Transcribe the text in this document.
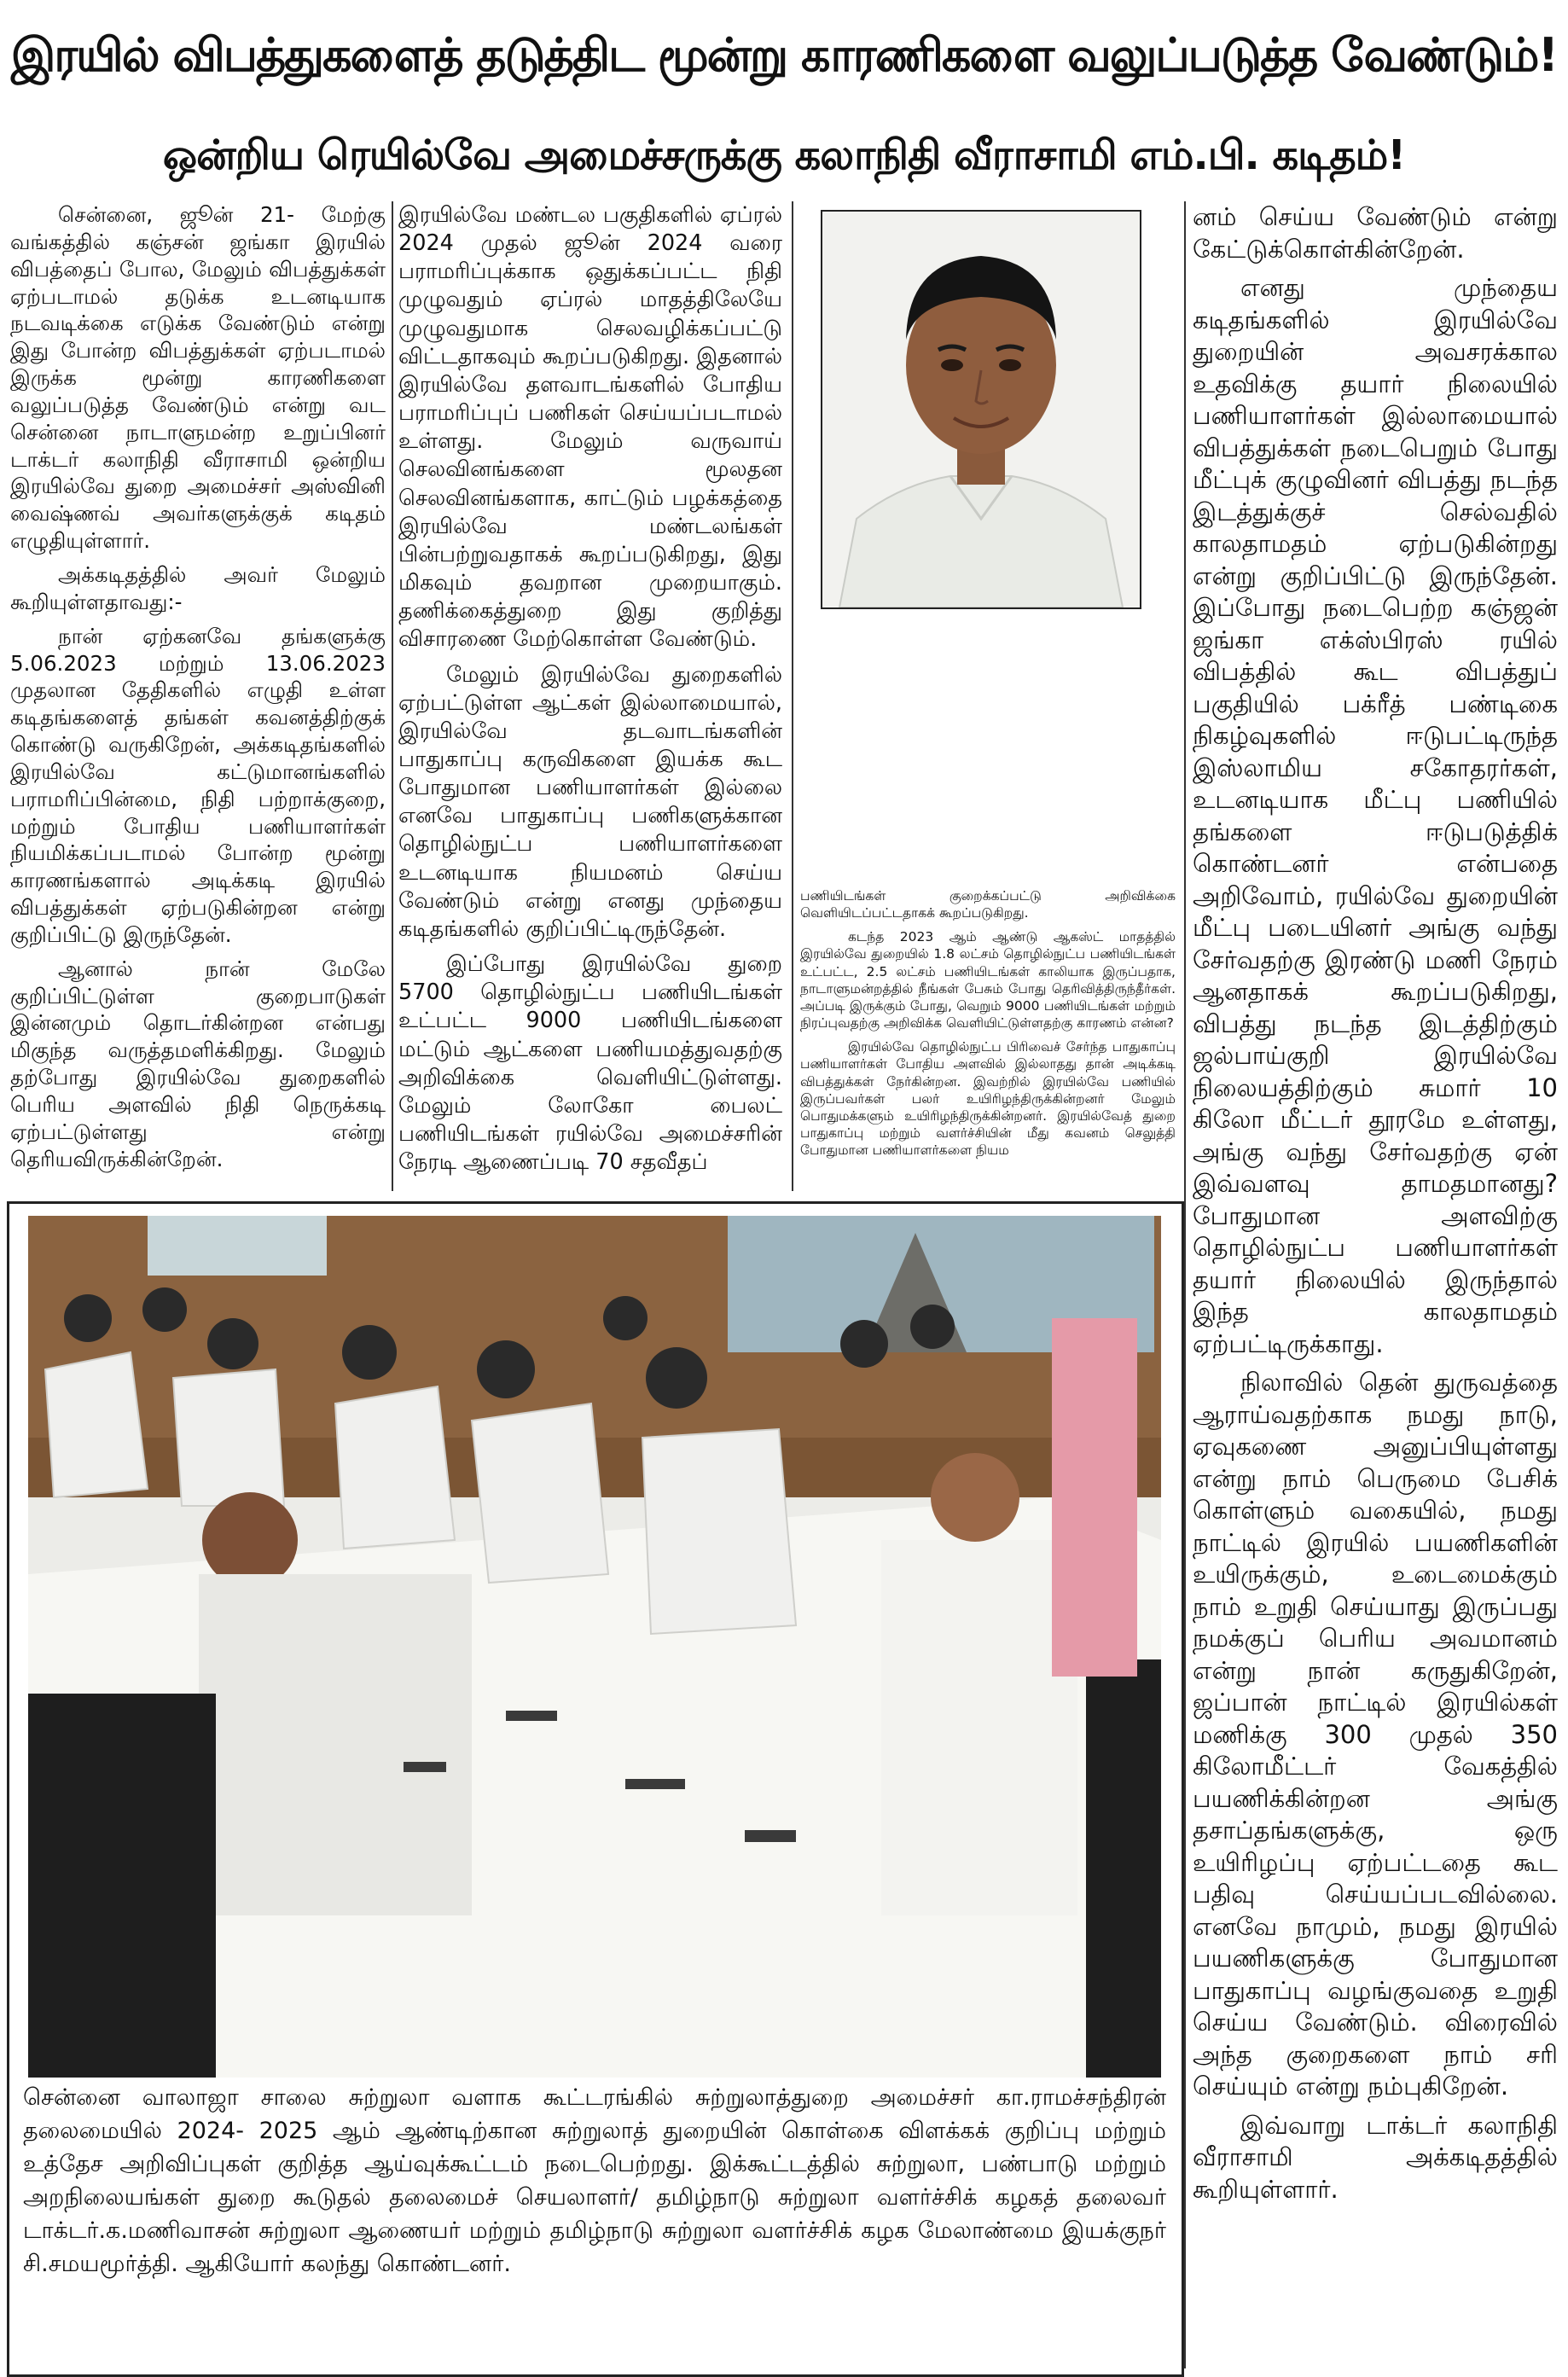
இரயில் விபத்துகளைத் தடுத்திட மூன்று காரணிகளை வலுப்படுத்த வேண்டும்!
ஒன்றிய ரெயில்வே அமைச்சருக்கு கலாநிதி வீராசாமி எம்.பி. கடிதம்!

சென்னை, ஜூன் 21- மேற்கு வங்கத்தில் கஞ்சன் ஜங்கா இரயில் விபத்தைப் போல, மேலும் விபத்துக்கள் ஏற்படாமல் தடுக்க உடனடியாக நடவடிக்கை எடுக்க வேண்டும் என்று இது போன்ற விபத்துக்கள் ஏற்படாமல் இருக்க மூன்று காரணிகளை வலுப்படுத்த வேண்டும் என்று வட சென்னை நாடாளுமன்ற உறுப்பினர் டாக்டர் கலாநிதி வீராசாமி ஒன்றிய இரயில்வே துறை அமைச்சர் அஸ்வினி வைஷ்ணவ் அவர்களுக்குக் கடிதம் எழுதியுள்ளார்.

அக்கடிதத்தில் அவர் மேலும் கூறியுள்ளதாவது:-

நான் ஏற்கனவே தங்களுக்கு 5.06.2023 மற்றும் 13.06.2023 முதலான தேதிகளில் எழுதி உள்ள கடிதங்களைத் தங்கள் கவனத்திற்குக் கொண்டு வருகிறேன், அக்கடிதங்களில் இரயில்வே கட்டுமானங்களில் பராமரிப்பின்மை, நிதி பற்றாக்குறை, மற்றும் போதிய பணியாளர்கள் நியமிக்கப்படாமல் போன்ற மூன்று காரணங்களால் அடிக்கடி இரயில் விபத்துக்கள் ஏற்படுகின்றன என்று குறிப்பிட்டு இருந்தேன்.

ஆனால் நான் மேலே குறிப்பிட்டுள்ள குறைபாடுகள் இன்னமும் தொடர்கின்றன என்பது மிகுந்த வருத்தமளிக்கிறது. மேலும் தற்போது இரயில்வே துறைகளில் பெரிய அளவில் நிதி நெருக்கடி ஏற்பட்டுள்ளது என்று தெரியவிருக்கின்றேன்.

இரயில்வே மண்டல பகுதிகளில் ஏப்ரல் 2024 முதல் ஜூன் 2024 வரை பராமரிப்புக்காக ஒதுக்கப்பட்ட நிதி முழுவதும் ஏப்ரல் மாதத்திலேயே முழுவதுமாக செலவழிக்கப்பட்டு விட்டதாகவும் கூறப்படுகிறது. இதனால் இரயில்வே தளவாடங்களில் போதிய பராமரிப்புப் பணிகள் செய்யப்படாமல் உள்ளது. மேலும் வருவாய் செலவினங்களை மூலதன செலவினங்களாக, காட்டும் பழக்கத்தை இரயில்வே மண்டலங்கள் பின்பற்றுவதாகக் கூறப்படுகிறது, இது மிகவும் தவறான முறையாகும். தணிக்கைத்துறை இது குறித்து விசாரணை மேற்கொள்ள வேண்டும்.

மேலும் இரயில்வே துறைகளில் ஏற்பட்டுள்ள ஆட்கள் இல்லாமையால், இரயில்வே தடவாடங்களின் பாதுகாப்பு கருவிகளை இயக்க கூட போதுமான பணியாளர்கள் இல்லை எனவே பாதுகாப்பு பணிகளுக்கான தொழில்நுட்ப பணியாளர்களை உடனடியாக நியமனம் செய்ய வேண்டும் என்று எனது முந்தைய கடிதங்களில் குறிப்பிட்டிருந்தேன்.

இப்போது இரயில்வே துறை 5700 தொழில்நுட்ப பணியிடங்கள் உட்பட்ட 9000 பணியிடங்களை மட்டும் ஆட்களை பணியமத்துவதற்கு அறிவிக்கை வெளியிட்டுள்ளது. மேலும் லோகோ பைலட் பணியிடங்கள் ரயில்வே அமைச்சரின் நேரடி ஆணைப்படி 70 சதவீதப்

பணியிடங்கள் குறைக்கப்பட்டு அறிவிக்கை வெளியிடப்பட்டதாகக் கூறப்படுகிறது.

கடந்த 2023 ஆம் ஆண்டு ஆகஸ்ட் மாதத்தில் இரயில்வே துறையில் 1.8 லட்சம் தொழில்நுட்ப பணியிடங்கள் உட்பட்ட, 2.5 லட்சம் பணியிடங்கள் காலியாக இருப்பதாக, நாடாளுமன்றத்தில் நீங்கள் பேசும் போது தெரிவித்திருந்தீர்கள். அப்படி இருக்கும் போது, வெறும் 9000 பணியிடங்கள் மற்றும் நிரப்புவதற்கு அறிவிக்க வெளியிட்டுள்ளதற்கு காரணம் என்ன?

இரயில்வே தொழில்நுட்ப பிரிவைச் சேர்ந்த பாதுகாப்பு பணியாளர்கள் போதிய அளவில் இல்லாதது தான் அடிக்கடி விபத்துக்கள் நேர்கின்றன. இவற்றில் இரயில்வே பணியில் இருப்பவர்கள் பலர் உயிரிழந்திருக்கின்றனர் மேலும் பொதுமக்களும் உயிரிழந்திருக்கின்றனர். இரயில்வேத் துறை பாதுகாப்பு மற்றும் வளர்ச்சியின் மீது கவனம் செலுத்தி போதுமான பணியாளர்களை நியம

னம் செய்ய வேண்டும் என்று கேட்டுக்கொள்கின்றேன்.

எனது முந்தைய கடிதங்களில் இரயில்வே துறையின் அவசரக்கால உதவிக்கு தயார் நிலையில் பணியாளர்கள் இல்லாமையால் விபத்துக்கள் நடைபெறும் போது மீட்புக் குழுவினர் விபத்து நடந்த இடத்துக்குச் செல்வதில் காலதாமதம் ஏற்படுகின்றது என்று குறிப்பிட்டு இருந்தேன். இப்போது நடைபெற்ற கஞ்ஜன் ஜங்கா எக்ஸ்பிரஸ் ரயில் விபத்தில் கூட விபத்துப் பகுதியில் பக்ரீத் பண்டிகை நிகழ்வுகளில் ஈடுபட்டிருந்த இஸ்லாமிய சகோதரர்கள், உடனடியாக மீட்பு பணியில் தங்களை ஈடுபடுத்திக் கொண்டனர் என்பதை அறிவோம், ரயில்வே துறையின் மீட்பு படையினர் அங்கு வந்து சேர்வதற்கு இரண்டு மணி நேரம் ஆனதாகக் கூறப்படுகிறது, விபத்து நடந்த இடத்திற்கும் ஜல்பாய்குறி இரயில்வே நிலையத்திற்கும் சுமார் 10 கிலோ மீட்டர் தூரமே உள்ளது, அங்கு வந்து சேர்வதற்கு ஏன் இவ்வளவு தாமதமானது? போதுமான அளவிற்கு தொழில்நுட்ப பணியாளர்கள் தயார் நிலையில் இருந்தால் இந்த காலதாமதம் ஏற்பட்டிருக்காது.

நிலாவில் தென் துருவத்தை ஆராய்வதற்காக நமது நாடு, ஏவுகணை அனுப்பியுள்ளது என்று நாம் பெருமை பேசிக் கொள்ளும் வகையில், நமது நாட்டில் இரயில் பயணிகளின் உயிருக்கும், உடைமைக்கும் நாம் உறுதி செய்யாது இருப்பது நமக்குப் பெரிய அவமானம் என்று நான் கருதுகிறேன், ஜப்பான் நாட்டில் இரயில்கள் மணிக்கு 300 முதல் 350 கிலோமீட்டர் வேகத்தில் பயணிக்கின்றன அங்கு தசாப்தங்களுக்கு, ஒரு உயிரிழப்பு ஏற்பட்டதை கூட பதிவு செய்யப்படவில்லை. எனவே நாமும், நமது இரயில் பயணிகளுக்கு போதுமான பாதுகாப்பு வழங்குவதை உறுதி செய்ய வேண்டும். விரைவில் அந்த குறைகளை நாம் சரி செய்யும் என்று நம்புகிறேன்.

இவ்வாறு டாக்டர் கலாநிதி வீராசாமி அக்கடிதத்தில் கூறியுள்ளார்.

சென்னை வாலாஜா சாலை சுற்றுலா வளாக கூட்டரங்கில் சுற்றுலாத்துறை அமைச்சர் கா.ராமச்சந்திரன் தலைமையில் 2024- 2025 ஆம் ஆண்டிற்கான சுற்றுலாத் துறையின் கொள்கை விளக்கக் குறிப்பு மற்றும் உத்தேச அறிவிப்புகள் குறித்த ஆய்வுக்கூட்டம் நடைபெற்றது. இக்கூட்டத்தில் சுற்றுலா, பண்பாடு மற்றும் அறநிலையங்கள் துறை கூடுதல் தலைமைச் செயலாளர்/ தமிழ்நாடு சுற்றுலா வளர்ச்சிக் கழகத் தலைவர் டாக்டர்.க.மணிவாசன் சுற்றுலா ஆணையர் மற்றும் தமிழ்நாடு சுற்றுலா வளர்ச்சிக் கழக மேலாண்மை இயக்குநர் சி.சமயமூர்த்தி. ஆகியோர் கலந்து கொண்டனர்.
